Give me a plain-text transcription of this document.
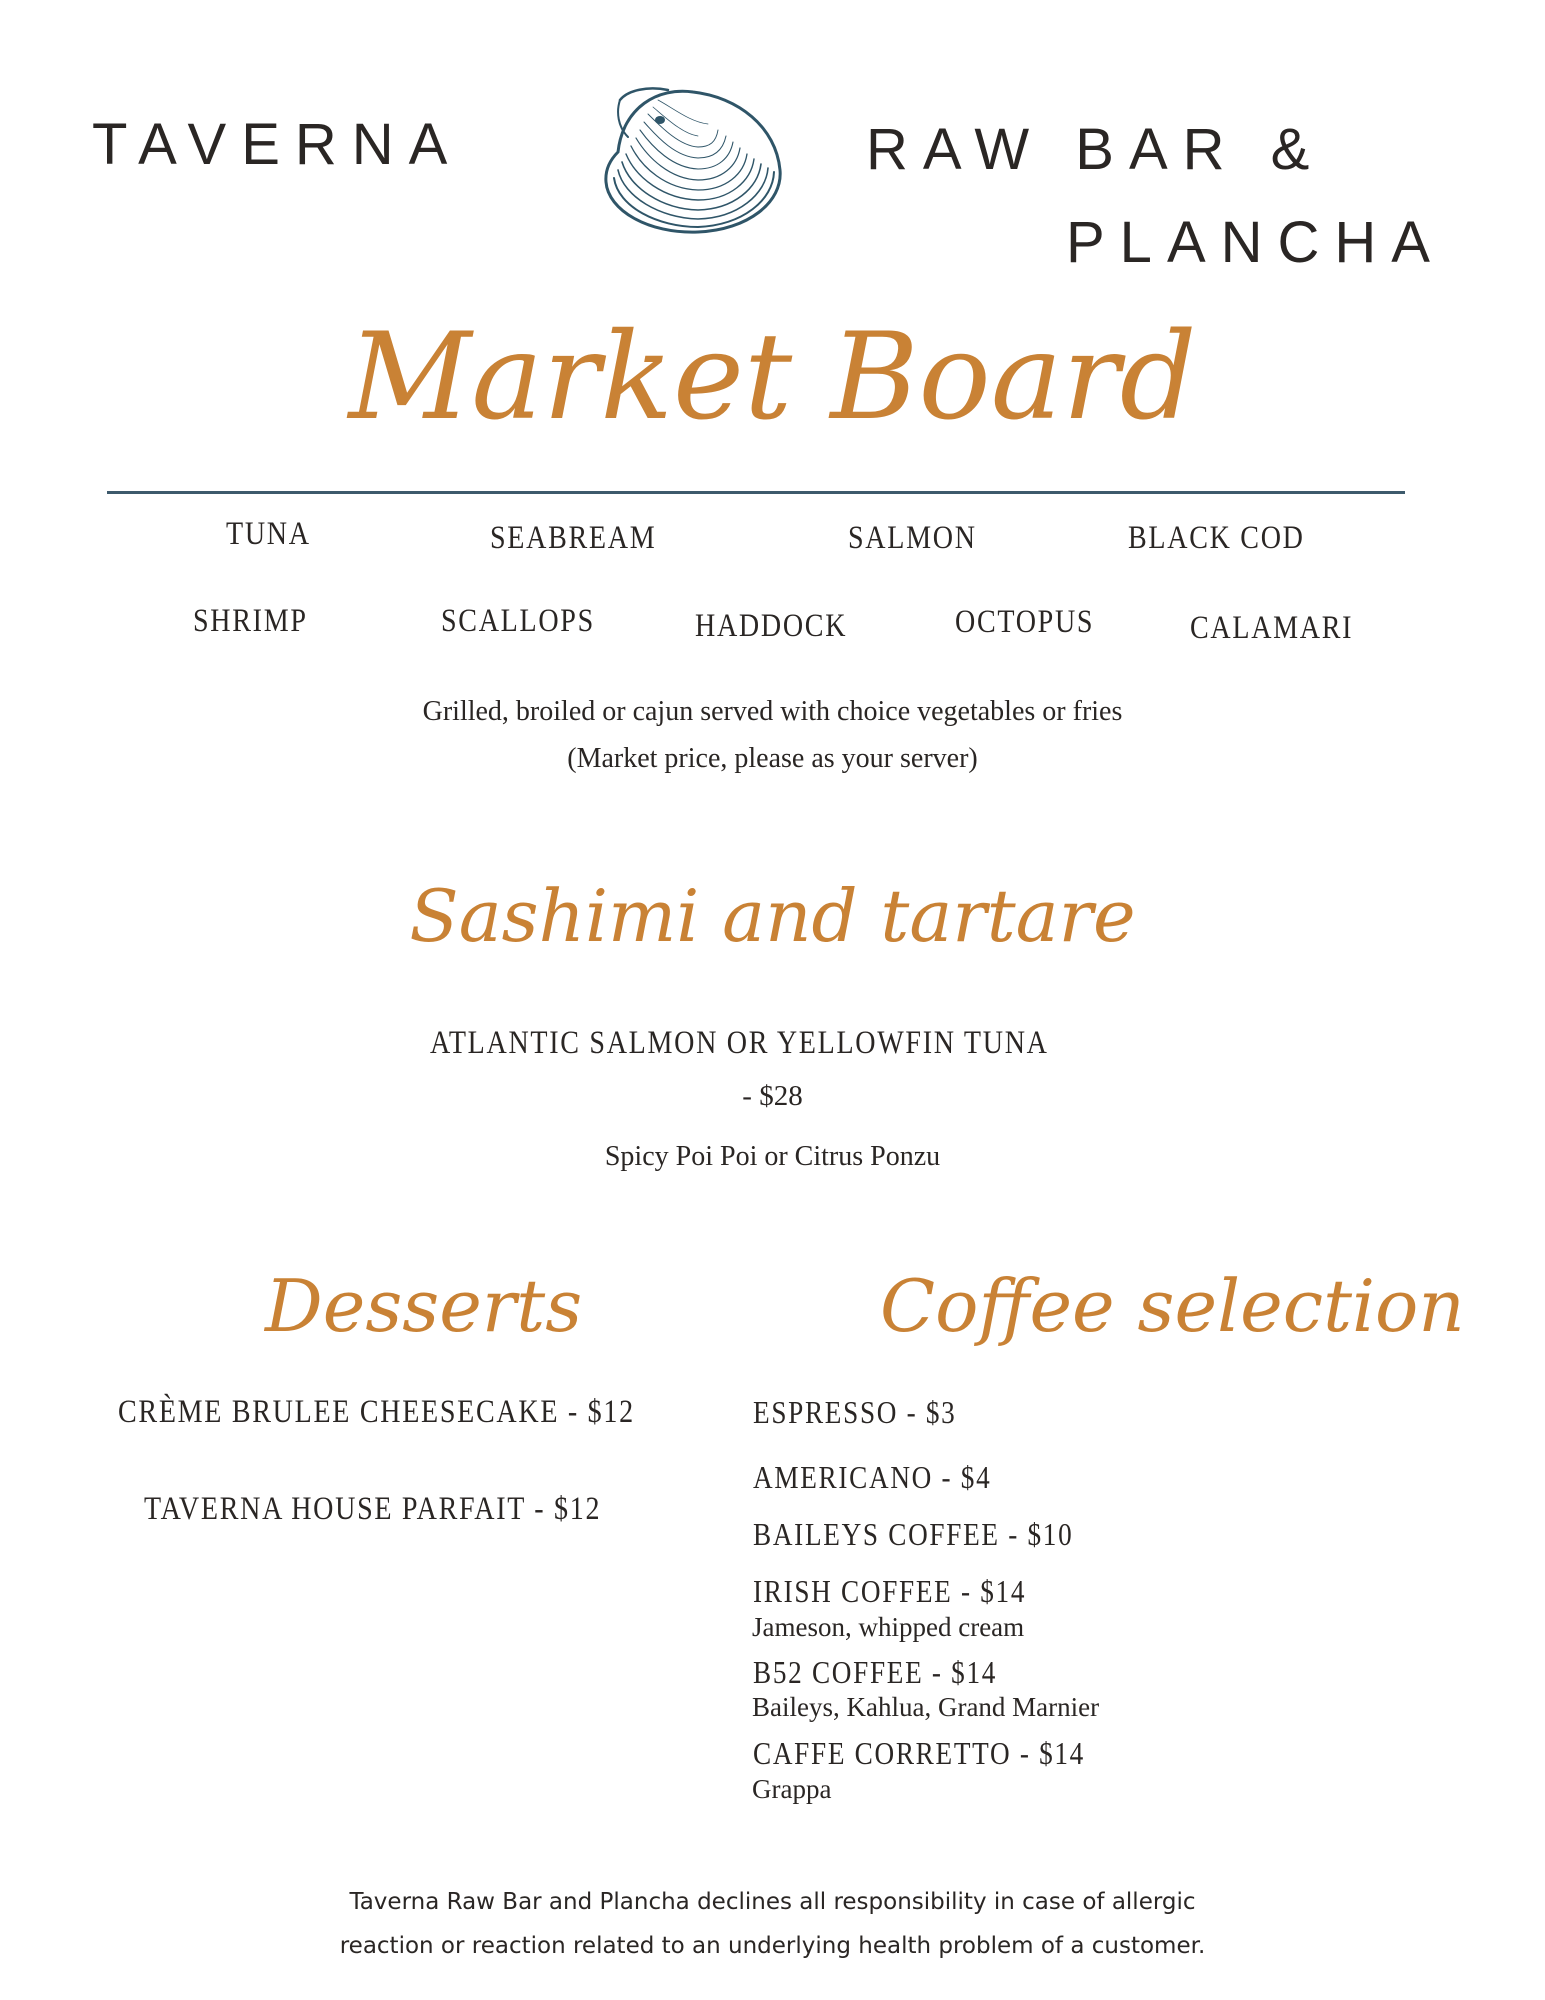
TAVERNA	RAW BAR &
PLANCHA
Market Board
TUNA	SEABREAM	SALMON	BLACK COD
SHRIMP	SCALLOPS	HADDOCK	OCTOPUS	CALAMARI
Grilled, broiled or cajun served with choice vegetables or fries
(Market price, please as your server)
Sashimi and tartare
ATLANTIC SALMON OR YELLOWFIN TUNA
- $28
Spicy Poi Poi or Citrus Ponzu
Desserts
CRÈME BRULEE CHEESECAKE - $12
TAVERNA HOUSE PARFAIT - $12
Coffee selection
ESPRESSO - $3
AMERICANO - $4
BAILEYS COFFEE - $10
IRISH COFFEE - $14
Jameson, whipped cream
B52 COFFEE - $14
Baileys, Kahlua, Grand Marnier
CAFFE CORRETTO - $14
Grappa
Taverna Raw Bar and Plancha declines all responsibility in case of allergic
reaction or reaction related to an underlying health problem of a customer.
